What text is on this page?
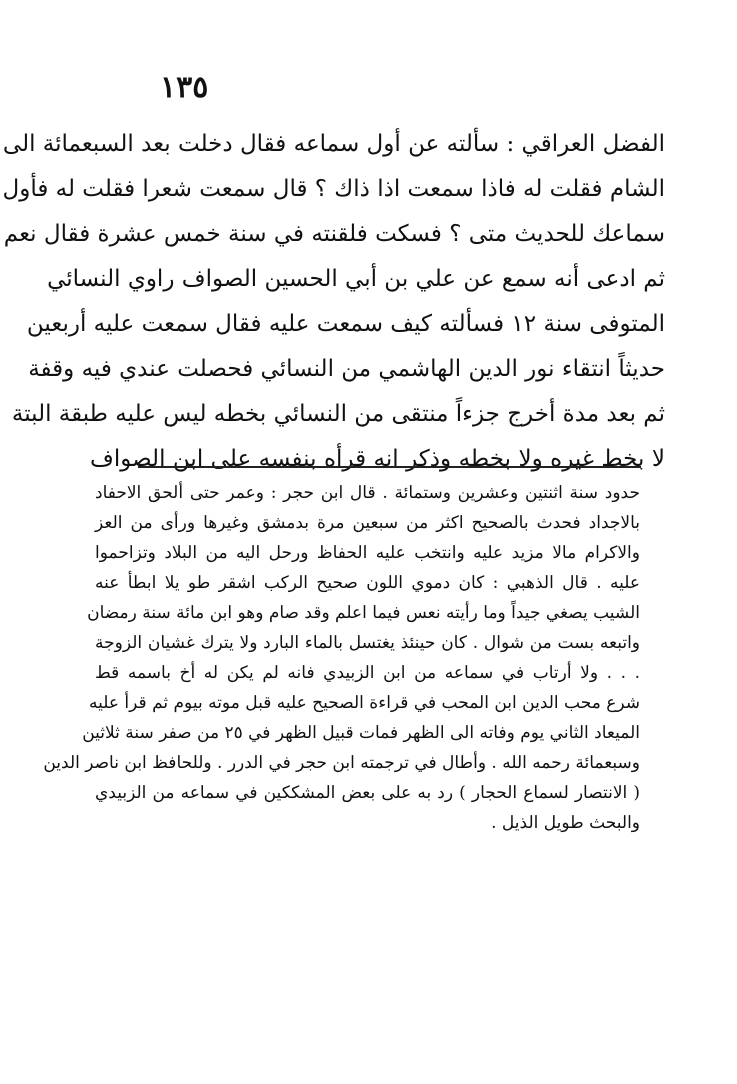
١٣٥
الفضل العراقي : سألته عن أول سماعه فقال دخلت بعد السبعمائة الى
الشام فقلت له فاذا سمعت اذا ذاك ؟ قال سمعت شعرا فقلت له فأول
سماعك للحديث متى ؟ فسكت فلقنته في سنة خمس عشرة فقال نعم
ثم ادعى أنه سمع عن علي بن أبي الحسين الصواف راوي النسائي
المتوفى سنة ١٢ فسألته كيف سمعت عليه فقال سمعت عليه أربعين
حديثاً انتقاء نور الدين الهاشمي من النسائي فحصلت عندي فيه وقفة
ثم بعد مدة أخرج جزءاً منتقى من النسائي بخطه ليس عليه طبقة البتة
لا بخط غيره ولا بخطه وذكر انه قرأه بنفسه على ابن الصواف
حدود سنة اثنتين وعشرين وستمائة . قال ابن حجر : وعمر حتى ألحق الاحفاد
بالاجداد فحدث بالصحيح اكثر من سبعين مرة بدمشق وغيرها ورأى من العز
والاكرام مالا مزيد عليه وانتخب عليه الحفاظ ورحل اليه من البلاد وتزاحموا
عليه . قال الذهبي : كان دموي اللون صحيح الركب اشقر طو يلا ابطأ عنه
الشيب يصغي جيداً وما رأيته نعس فيما اعلم وقد صام وهو ابن مائة سنة رمضان
واتبعه بست من شوال . كان حينئذ يغتسل بالماء البارد ولا يترك غشيان الزوجة
. . . ولا أرتاب في سماعه من ابن الزبيدي فانه لم يكن له أخ باسمه قط
شرع محب الدين ابن المحب في قراءة الصحيح عليه قبل موته بيوم ثم قرأ عليه
الميعاد الثاني يوم وفاته الى الظهر فمات قبيل الظهر في ٢٥ من صفر سنة ثلاثين
وسبعمائة رحمه الله . وأطال في ترجمته ابن حجر في الدرر . وللحافظ ابن ناصر الدين
( الانتصار لسماع الحجار ) رد به على بعض المشككين في سماعه من الزبيدي
والبحث طويل الذيل .
